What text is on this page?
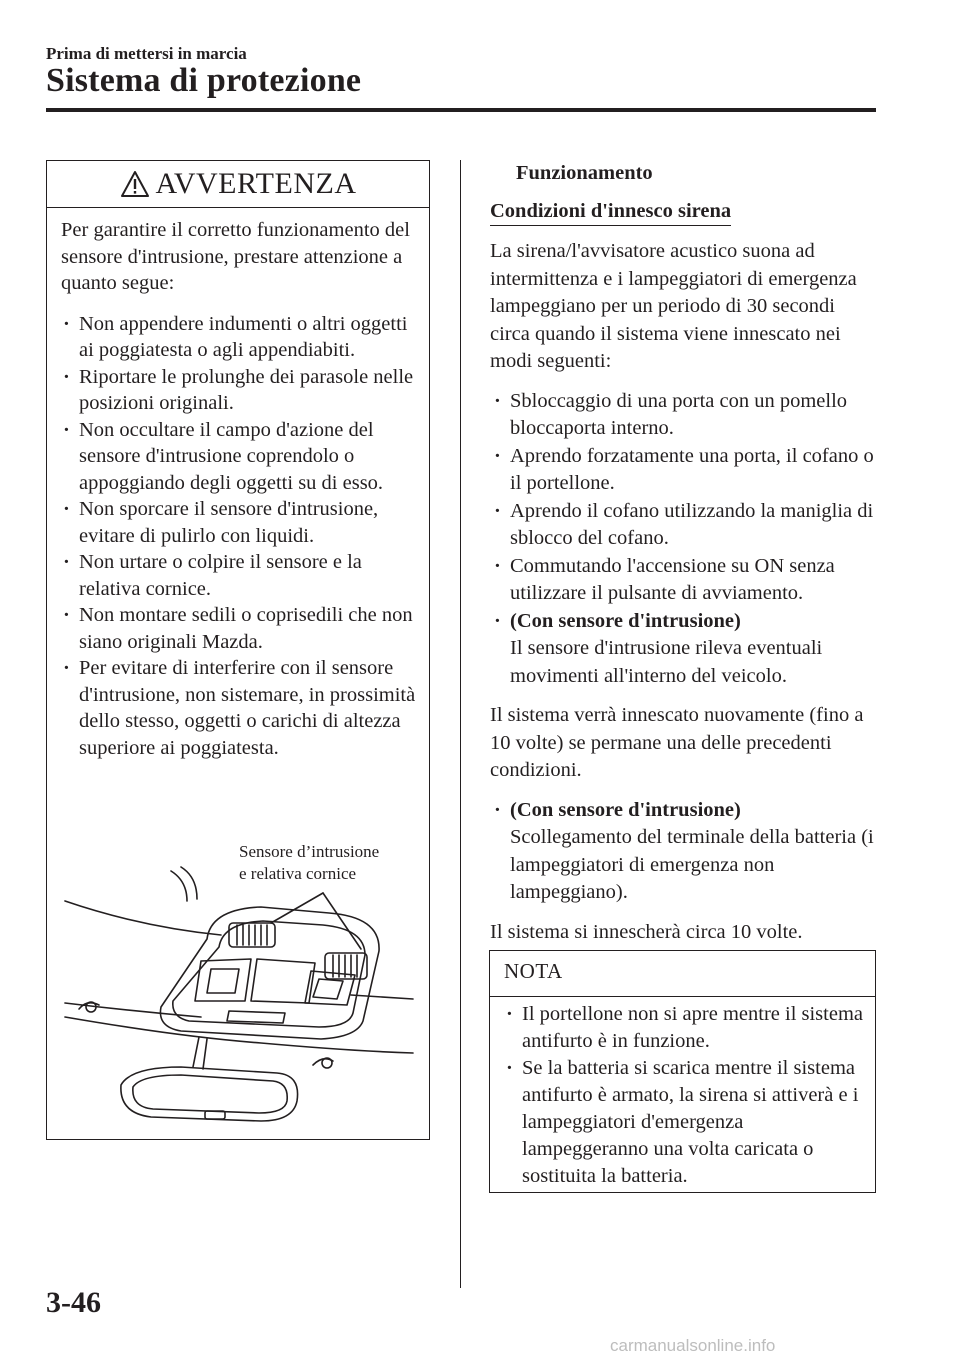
Prima di mettersi in marcia
Sistema di protezione
AVVERTENZA

Per garantire il corretto funzionamento del sensore d'intrusione, prestare attenzione a quanto segue:

· Non appendere indumenti o altri oggetti ai poggiatesta o agli appendiabiti.
· Riportare le prolunghe dei parasole nelle posizioni originali.
· Non occultare il campo d'azione del sensore d'intrusione coprendolo o appoggiando degli oggetti su di esso.
· Non sporcare il sensore d'intrusione, evitare di pulirlo con liquidi.
· Non urtare o colpire il sensore e la relativa cornice.
· Non montare sedili o coprisedili che non siano originali Mazda.
· Per evitare di interferire con il sensore d'intrusione, non sistemare, in prossimità dello stesso, oggetti o carichi di altezza superiore ai poggiatesta.
Sensore d’intrusione
e relativa cornice
Funzionamento
Condizioni d'innesco sirena

La sirena/l'avvisatore acustico suona ad intermittenza e i lampeggiatori di emergenza lampeggiano per un periodo di 30 secondi circa quando il sistema viene innescato nei modi seguenti:

· Sbloccaggio di una porta con un pomello bloccaporta interno.
· Aprendo forzatamente una porta, il cofano o il portellone.
· Aprendo il cofano utilizzando la maniglia di sblocco del cofano.
· Commutando l'accensione su ON senza utilizzare il pulsante di avviamento.
· (Con sensore d'intrusione)
Il sensore d'intrusione rileva eventuali movimenti all'interno del veicolo.

Il sistema verrà innescato nuovamente (fino a 10 volte) se permane una delle precedenti condizioni.

· (Con sensore d'intrusione)
Scollegamento del terminale della batteria (i lampeggiatori di emergenza non lampeggiano).

Il sistema si innescherà circa 10 volte.

NOTA
· Il portellone non si apre mentre il sistema antifurto è in funzione.
· Se la batteria si scarica mentre il sistema antifurto è armato, la sirena si attiverà e i lampeggiatori d'emergenza lampeggeranno una volta caricata o sostituita la batteria.
3-46
carmanualsonline.info
